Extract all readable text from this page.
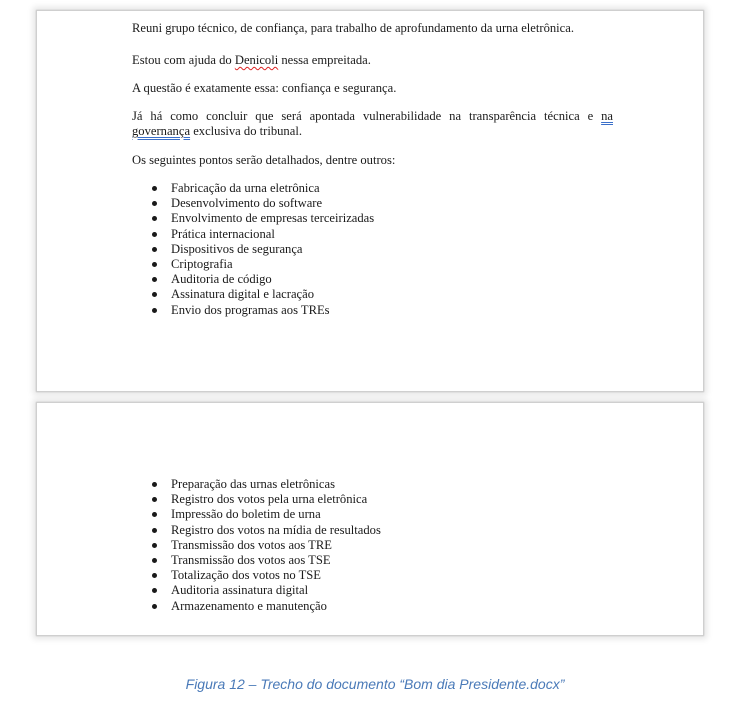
Reuni grupo técnico, de confiança, para trabalho de aprofundamento da urna eletrônica.

Estou com ajuda do Denicoli nessa empreitada.

A questão é exatamente essa: confiança e segurança.

Já há como concluir que será apontada vulnerabilidade na transparência técnica e na governança exclusiva do tribunal.

Os seguintes pontos serão detalhados, dentre outros:

Fabricação da urna eletrônica
Desenvolvimento do software
Envolvimento de empresas terceirizadas
Prática internacional
Dispositivos de segurança
Criptografia
Auditoria de código
Assinatura digital e lacração
Envio dos programas aos TREs
Preparação das urnas eletrônicas
Registro dos votos pela urna eletrônica
Impressão do boletim de urna
Registro dos votos na mídia de resultados
Transmissão dos votos aos TRE
Transmissão dos votos aos TSE
Totalização dos votos no TSE
Auditoria assinatura digital
Armazenamento e manutenção
Figura 12 – Trecho do documento “Bom dia Presidente.docx”
